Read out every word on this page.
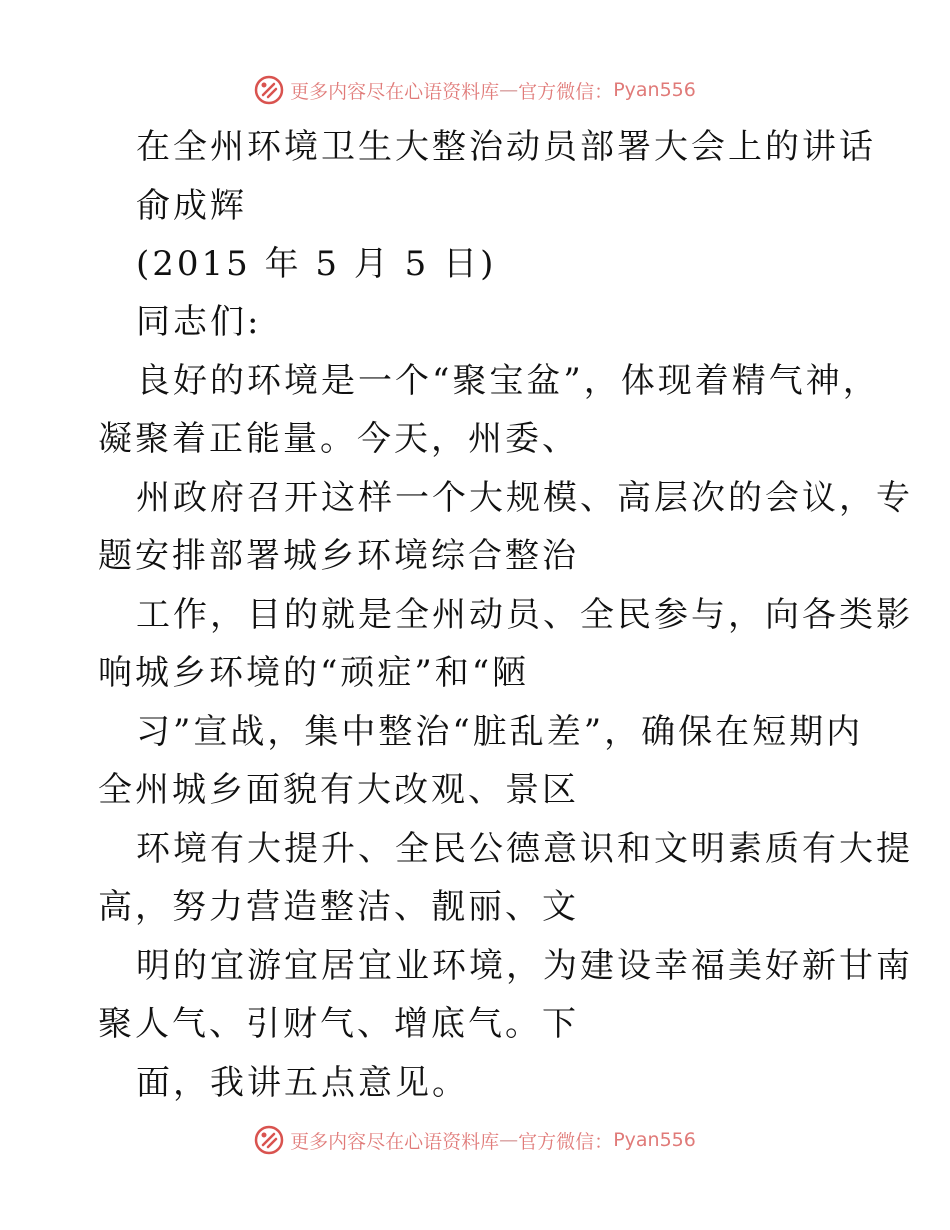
更多内容尽在心语资料库 — 官方微信： Pyan556

在全州环境卫生大整治动员部署大会上的讲话

俞成辉

(2015 年 5 月 5 日)

同志们:

良好的环境是一个“聚宝盆”，体现着精气神，

凝聚着正能量。今天，州委、

州政府召开这样一个大规模、高层次的会议，专

题安排部署城乡环境综合整治

工作，目的就是全州动员、全民参与，向各类影

响城乡环境的“顽症”和“陋

习”宣战，集中整治“脏乱差”，确保在短期内

全州城乡面貌有大改观、景区

环境有大提升、全民公德意识和文明素质有大提

高，努力营造整洁、靓丽、文

明的宜游宜居宜业环境，为建设幸福美好新甘南

聚人气、引财气、增底气。下

面，我讲五点意见。

更多内容尽在心语资料库 — 官方微信： Pyan556
